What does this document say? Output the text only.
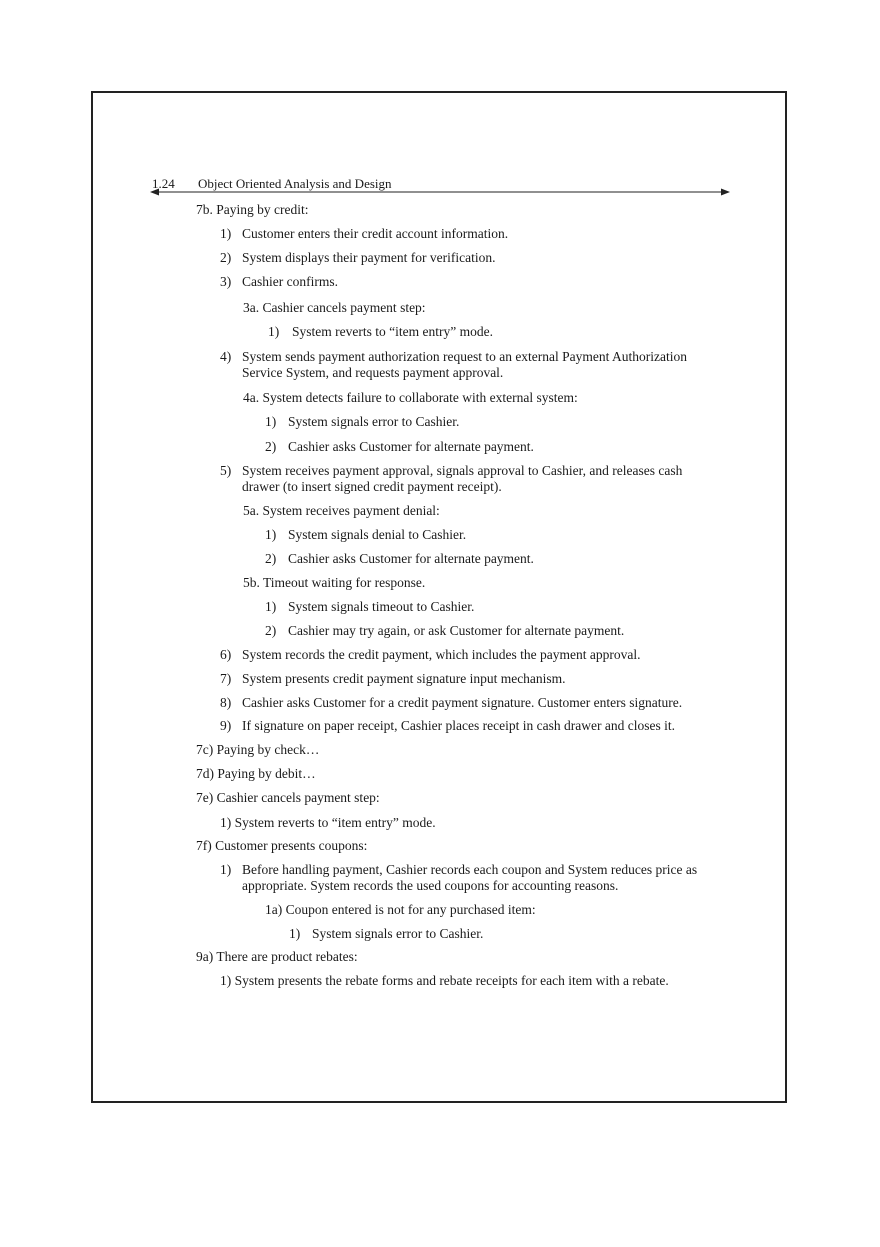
1.24 Object Oriented Analysis and Design
7b. Paying by credit:
1) Customer enters their credit account information.
2) System displays their payment for verification.
3) Cashier confirms.
3a. Cashier cancels payment step:
1) System reverts to “item entry” mode.
4) System sends payment authorization request to an external Payment Authorization
Service System, and requests payment approval.
4a. System detects failure to collaborate with external system:
1) System signals error to Cashier.
2) Cashier asks Customer for alternate payment.
5) System receives payment approval, signals approval to Cashier, and releases cash
drawer (to insert signed credit payment receipt).
5a. System receives payment denial:
1) System signals denial to Cashier.
2) Cashier asks Customer for alternate payment.
5b. Timeout waiting for response.
1) System signals timeout to Cashier.
2) Cashier may try again, or ask Customer for alternate payment.
6) System records the credit payment, which includes the payment approval.
7) System presents credit payment signature input mechanism.
8) Cashier asks Customer for a credit payment signature. Customer enters signature.
9) If signature on paper receipt, Cashier places receipt in cash drawer and closes it.
7c) Paying by check…
7d) Paying by debit…
7e) Cashier cancels payment step:
1) System reverts to “item entry” mode.
7f) Customer presents coupons:
1) Before handling payment, Cashier records each coupon and System reduces price as
appropriate. System records the used coupons for accounting reasons.
1a) Coupon entered is not for any purchased item:
1) System signals error to Cashier.
9a) There are product rebates:
1) System presents the rebate forms and rebate receipts for each item with a rebate.
